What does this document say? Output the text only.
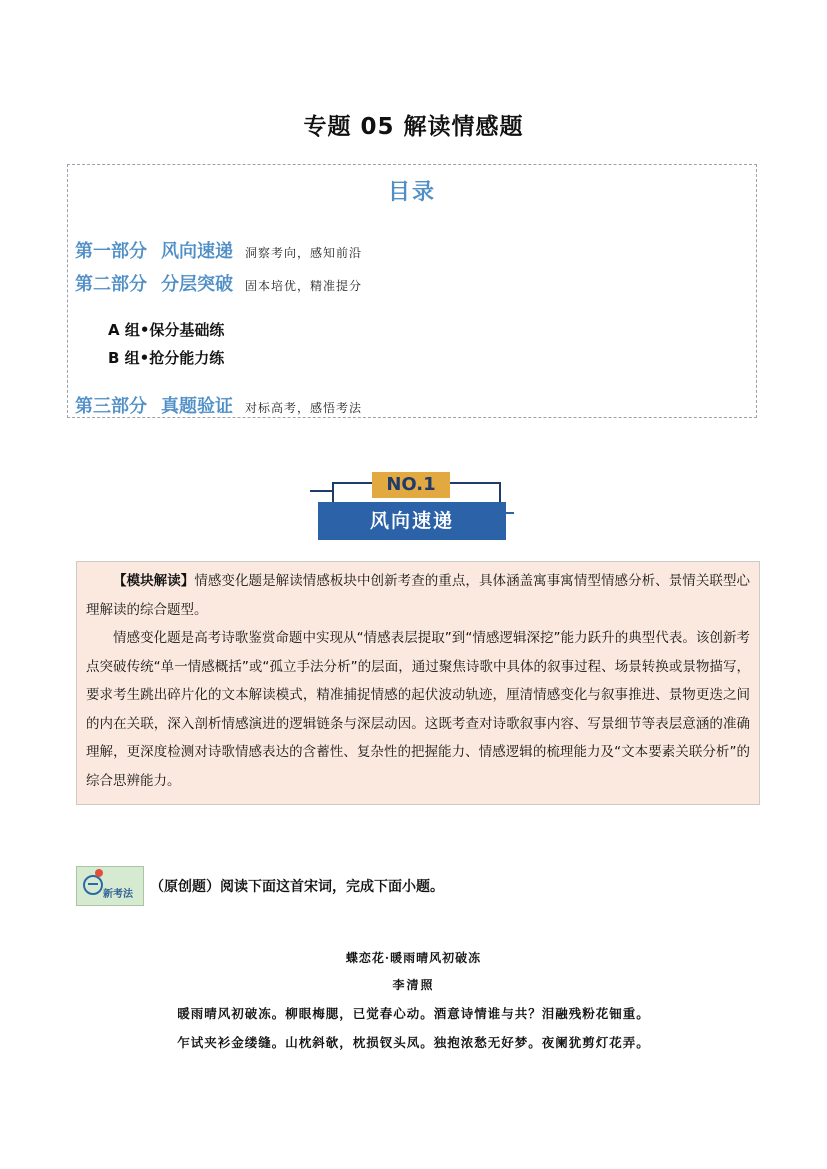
专题 05 解读情感题
目录
第一部分 风向速递 洞察考向，感知前沿
第二部分 分层突破 固本培优，精准提分
A 组•保分基础练
B 组•抢分能力练
第三部分 真题验证 对标高考，感悟考法
NO.1
风向速递

【模块解读】情感变化题是解读情感板块中创新考查的重点，具体涵盖寓事寓情型情感分析、景情关联型心理解读的综合题型。

情感变化题是高考诗歌鉴赏命题中实现从“情感表层提取”到“情感逻辑深挖”能力跃升的典型代表。该创新考点突破传统“单一情感概括”或“孤立手法分析”的层面，通过聚焦诗歌中具体的叙事过程、场景转换或景物描写，要求考生跳出碎片化的文本解读模式，精准捕捉情感的起伏波动轨迹，厘清情感变化与叙事推进、景物更迭之间的内在关联，深入剖析情感演进的逻辑链条与深层动因。这既考查对诗歌叙事内容、写景细节等表层意涵的准确理解，更深度检测对诗歌情感表达的含蓄性、复杂性的把握能力、情感逻辑的梳理能力及“文本要素关联分析”的综合思辨能力。

新考法 （原创题）阅读下面这首宋词，完成下面小题。
蝶恋花·暖雨晴风初破冻
李清照
暖雨晴风初破冻。柳眼梅腮，已觉春心动。酒意诗情谁与共？泪融残粉花钿重。
乍试夹衫金缕缝。山枕斜欹，枕损钗头凤。独抱浓愁无好梦。夜阑犹剪灯花弄。
